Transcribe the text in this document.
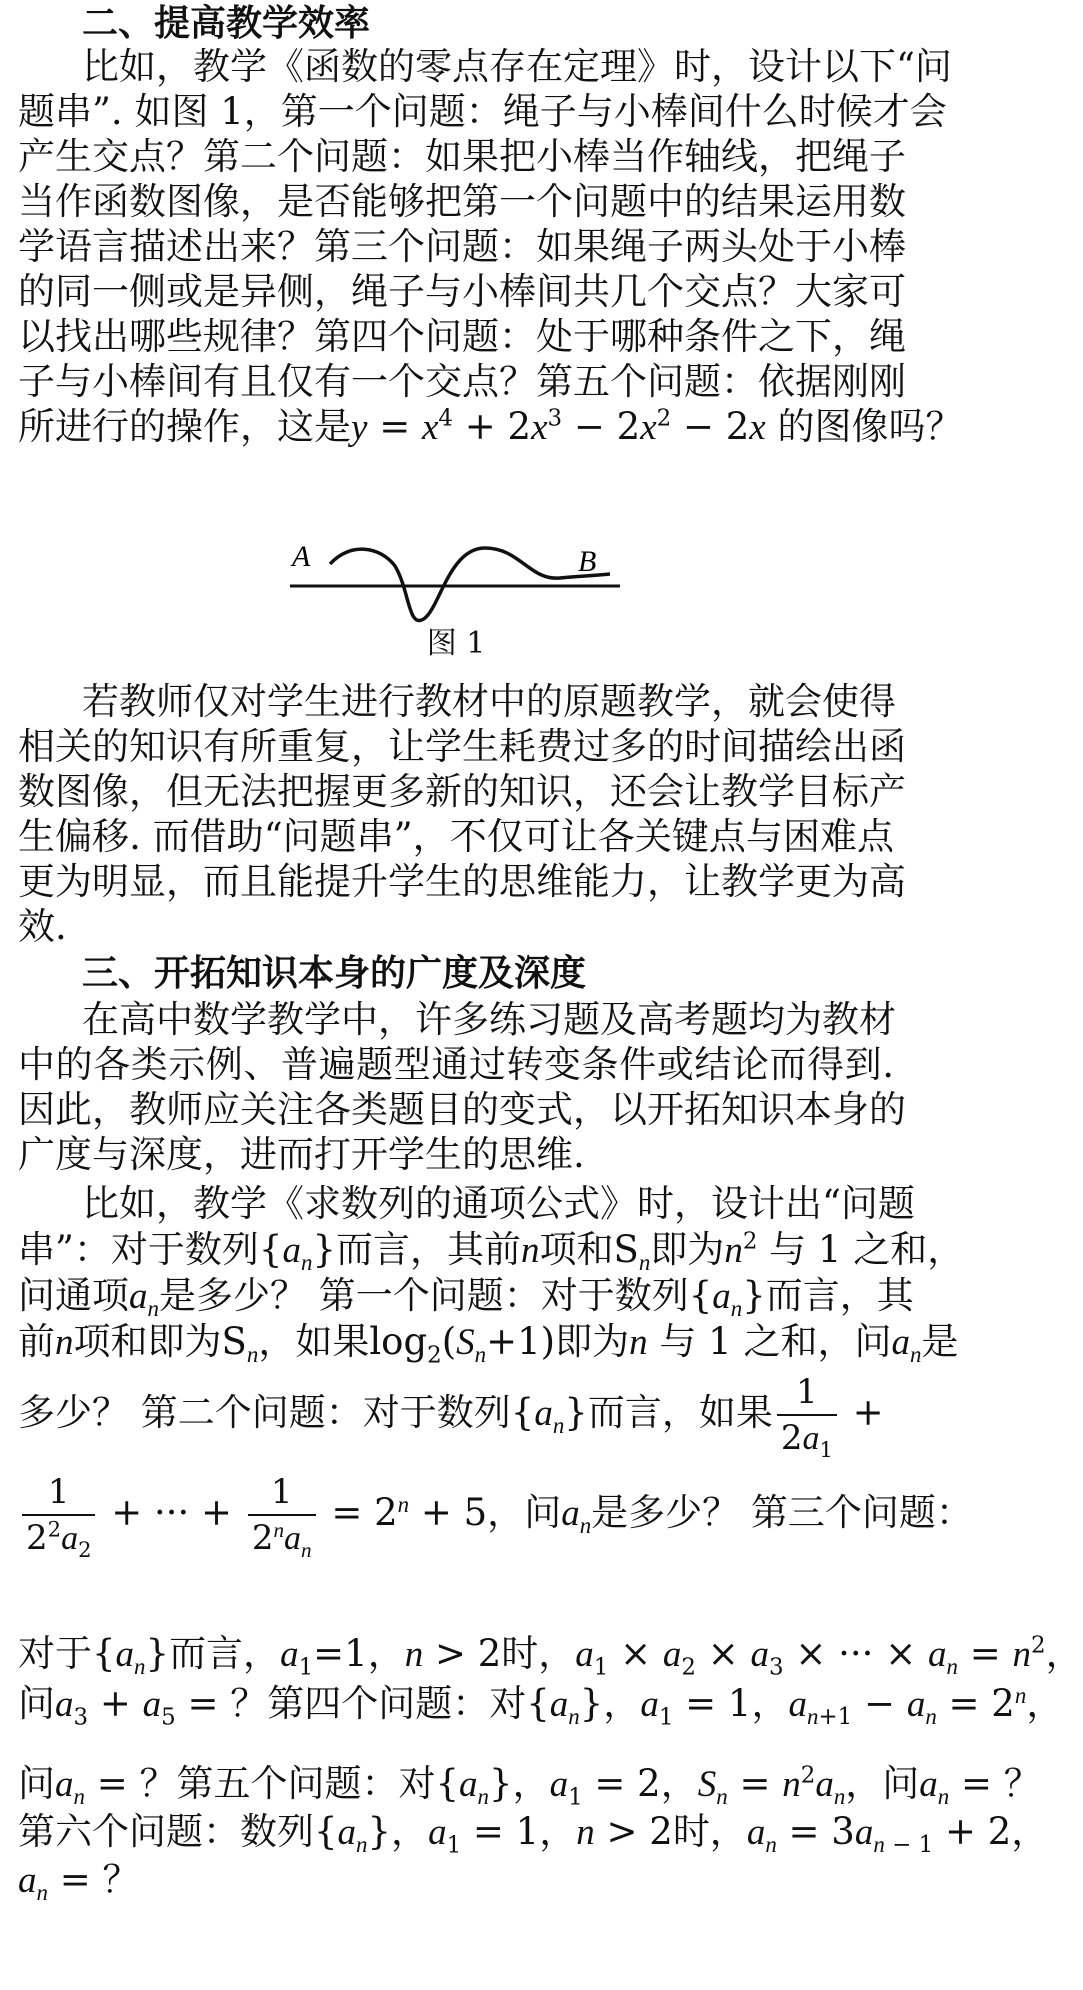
二、提高教学效率
比如，教学《函数的零点存在定理》时，设计以下“问
题串”. 如图 1，第一个问题：绳子与小棒间什么时候才会
产生交点？第二个问题：如果把小棒当作轴线，把绳子
当作函数图像，是否能够把第一个问题中的结果运用数
学语言描述出来？第三个问题：如果绳子两头处于小棒
的同一侧或是异侧，绳子与小棒间共几个交点？大家可
以找出哪些规律？第四个问题：处于哪种条件之下，绳
子与小棒间有且仅有一个交点？第五个问题：依据刚刚
所进行的操作，这是$y = x^4 + 2x^3 - 2x^2 - 2x$ 的图像吗？
A	B
图 1
若教师仅对学生进行教材中的原题教学，就会使得
相关的知识有所重复，让学生耗费过多的时间描绘出函
数图像，但无法把握更多新的知识，还会让教学目标产
生偏移. 而借助“问题串”，不仅可让各关键点与困难点
更为明显，而且能提升学生的思维能力，让教学更为高
效.
三、开拓知识本身的广度及深度
在高中数学教学中，许多练习题及高考题均为教材
中的各类示例、普遍题型通过转变条件或结论而得到.
因此，教师应关注各类题目的变式，以开拓知识本身的
广度与深度，进而打开学生的思维.
比如，教学《求数列的通项公式》时，设计出“问题
串”：对于数列$\{a_n\}$而言，其前n项和$S_n$即为$n^2$ 与 1 之和，
问通项$a_n$是多少？ 第一个问题：对于数列$\{a_n\}$而言，其
前n项和即为$S_n$，如果$\log_2(S_n+1)$即为n 与 1 之和，问$a_n$是
多少？ 第二个问题：对于数列$\{a_n\}$而言，如果 $\frac{1}{2a_1}$ +
$\frac{1}{2^2a_2}$ + ··· + $\frac{1}{2^na_n} = 2^n + 5$，问$a_n$是多少？ 第三个问题：
对于$\{a_n\}$而言，$a_1=1$，n > 2时，$a_1 \times a_2 \times a_3$ × ··· × $a_n = n^2$，
问$a_3 + a_5$ = ？第四个问题：对$\{a_n\}$，$a_1 = 1$，$a_{n+1} - a_n = 2^n$，
问$a_n$ = ？第五个问题：对$\{a_n\}$，$a_1 = 2$，$S_n = n^2a_n$，问$a_n$ = ？
第六个问题：数列$\{a_n\}$，$a_1 = 1$，n > 2时，$a_n = 3a_{n - 1} + 2$，
$a_n$ = ？
